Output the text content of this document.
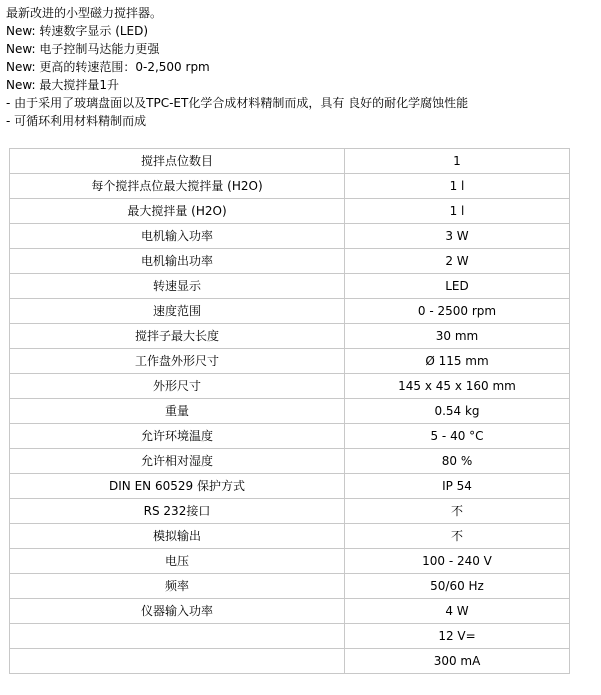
最新改进的小型磁力搅拌器。
New: 转速数字显示 (LED)
New: 电子控制马达能力更强
New: 更高的转速范围：0-2,500 rpm
New: 最大搅拌量1升
- 由于采用了玻璃盘面以及TPC-ET化学合成材料精制而成，具有 良好的耐化学腐蚀性能
- 可循环利用材料精制而成
搅拌点位数目	1
每个搅拌点位最大搅拌量 (H2O)	1 l
最大搅拌量 (H2O)	1 l
电机输入功率	3 W
电机输出功率	2 W
转速显示	LED
速度范围	0 - 2500 rpm
搅拌子最大长度	30 mm
工作盘外形尺寸	Ø 115 mm
外形尺寸	145 x 45 x 160 mm
重量	0.54 kg
允许环境温度	5 - 40 °C
允许相对湿度	80 %
DIN EN 60529 保护方式	IP 54
RS 232接口	不
模拟输出	不
电压	100 - 240 V
频率	50/60 Hz
仪器输入功率	4 W
	12 V=
	300 mA
